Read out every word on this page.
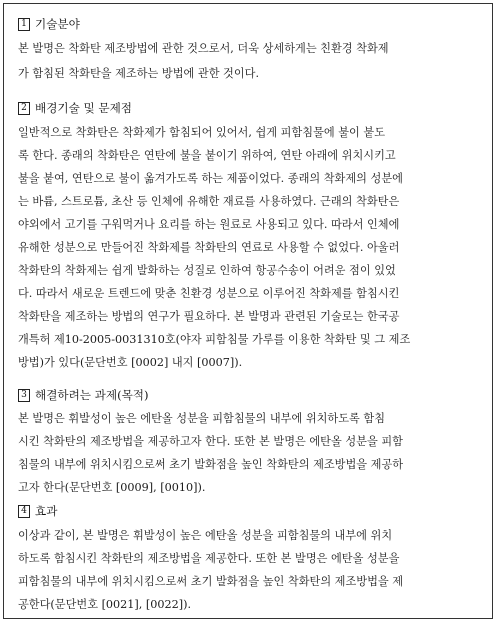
1 기술분야
본 발명은 착화탄 제조방법에 관한 것으로서, 더욱 상세하게는 친환경 착화제
가 함침된 착화탄을 제조하는 방법에 관한 것이다.
2 배경기술 및 문제점
일반적으로 착화탄은 착화제가 함침되어 있어서, 쉽게 피함침물에 불이 붙도
록 한다. 종래의 착화탄은 연탄에 불을 붙이기 위하여, 연탄 아래에 위치시키고
불을 붙여, 연탄으로 불이 옮겨가도록 하는 제품이었다. 종래의 착화제의 성분에
는 바륨, 스트로튬, 초산 등 인체에 유해한 재료를 사용하였다. 근래의 착화탄은
야외에서 고기를 구워먹거나 요리를 하는 원료로 사용되고 있다. 따라서 인체에
유해한 성분으로 만들어진 착화제를 착화탄의 연료로 사용할 수 없었다. 아울러
착화탄의 착화제는 쉽게 발화하는 성질로 인하여 항공수송이 어려운 점이 있었
다. 따라서 새로운 트렌드에 맞춘 친환경 성분으로 이루어진 착화제를 함침시킨
착화탄을 제조하는 방법의 연구가 필요하다. 본 발명과 관련된 기술로는 한국공
개특허 제10-2005-0031310호(야자 피함침물 가루를 이용한 착화탄 및 그 제조
방법)가 있다(문단번호 [0002] 내지 [0007]).
3 해결하려는 과제(목적)
본 발명은 휘발성이 높은 에탄올 성분을 피함침물의 내부에 위치하도록 함침
시킨 착화탄의 제조방법을 제공하고자 한다. 또한 본 발명은 에탄올 성분을 피함
침물의 내부에 위치시킴으로써 초기 발화점을 높인 착화탄의 제조방법을 제공하
고자 한다(문단번호 [0009], [0010]).
4 효과
이상과 같이, 본 발명은 휘발성이 높은 에탄올 성분을 피함침물의 내부에 위치
하도록 함침시킨 착화탄의 제조방법을 제공한다. 또한 본 발명은 에탄올 성분을
피함침물의 내부에 위치시킴으로써 초기 발화점을 높인 착화탄의 제조방법을 제
공한다(문단번호 [0021], [0022]).
